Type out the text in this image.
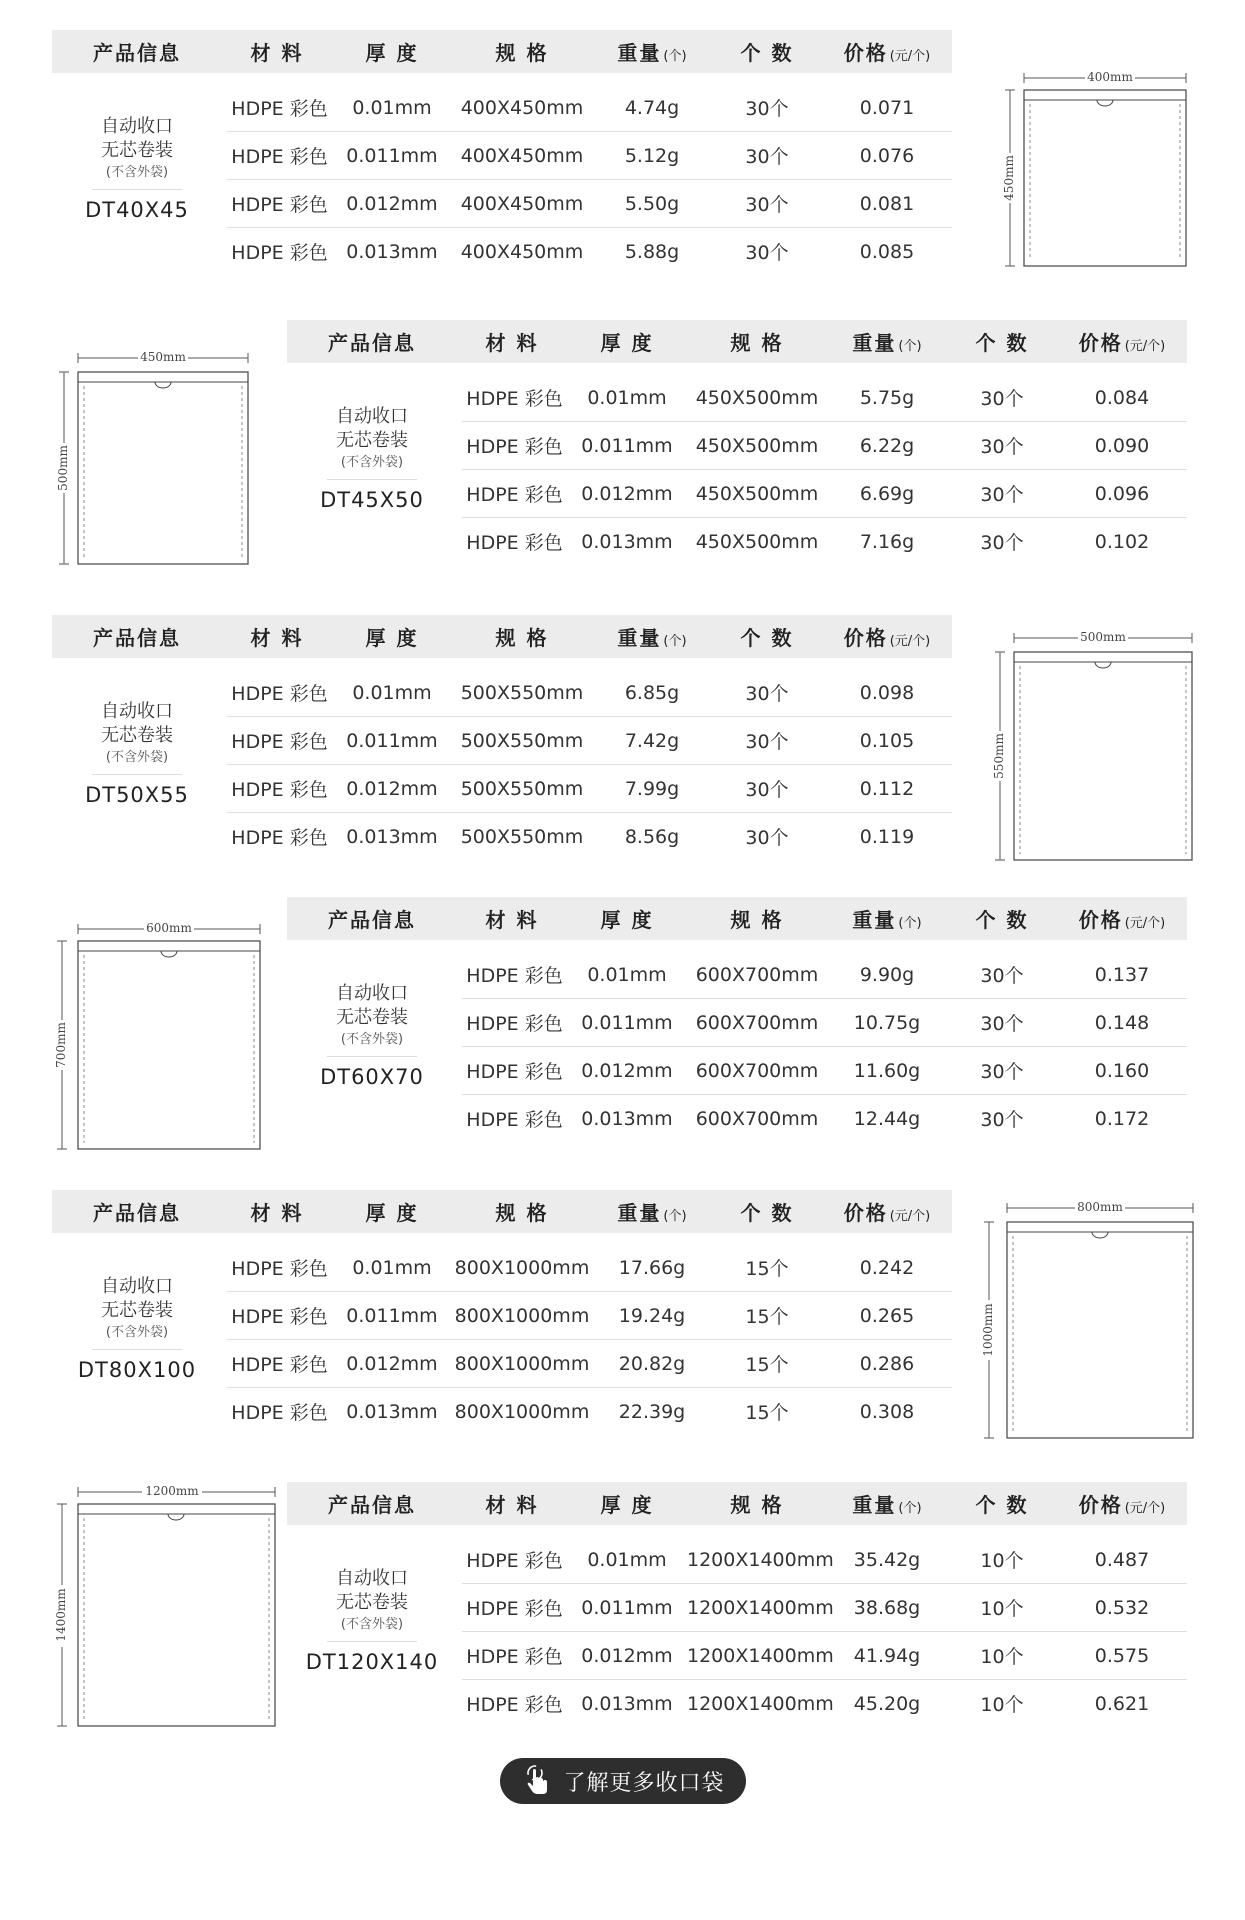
产品信息	材 料	厚 度	规 格	重量 (个)	个 数	价格 (元/个)
自动收口
无芯卷装
(不含外袋)
DT40X45
HDPE 彩色	0.01mm	400X450mm	4.74g	30个	0.071
HDPE 彩色 0.011mm	400X450mm	5.12g	30个	0.076
HDPE 彩色 0.012mm	400X450mm	5.50g	30个	0.081
HDPE 彩色 0.013mm	400X450mm	5.88g	30个	0.085
400mm
450mm
产品信息	材 料	厚 度	规 格	重量 (个)	个 数	价格 (元/个)
自动收口
无芯卷装
(不含外袋)
DT45X50
HDPE 彩色	0.01mm	450X500mm	5.75g	30个	0.084
HDPE 彩色 0.011mm	450X500mm	6.22g	30个	0.090
HDPE 彩色 0.012mm	450X500mm	6.69g	30个	0.096
HDPE 彩色 0.013mm	450X500mm	7.16g	30个	0.102
450mm
500mm
产品信息	材 料	厚 度	规 格	重量 (个)	个 数	价格 (元/个)
自动收口
无芯卷装
(不含外袋)
DT50X55
HDPE 彩色	0.01mm	500X550mm	6.85g	30个	0.098
HDPE 彩色 0.011mm	500X550mm	7.42g	30个	0.105
HDPE 彩色 0.012mm	500X550mm	7.99g	30个	0.112
HDPE 彩色 0.013mm	500X550mm	8.56g	30个	0.119
500mm
550mm
产品信息	材 料	厚 度	规 格	重量 (个)	个 数	价格 (元/个)
自动收口
无芯卷装
(不含外袋)
DT60X70
HDPE 彩色	0.01mm	600X700mm	9.90g	30个	0.137
HDPE 彩色 0.011mm	600X700mm	10.75g	30个	0.148
HDPE 彩色 0.012mm	600X700mm	11.60g	30个	0.160
HDPE 彩色 0.013mm	600X700mm	12.44g	30个	0.172
600mm
700mm
产品信息	材 料	厚 度	规 格	重量 (个)	个 数	价格 (元/个)
自动收口
无芯卷装
(不含外袋)
DT80X100
HDPE 彩色	0.01mm	800X1000mm	17.66g	15个	0.242
HDPE 彩色 0.011mm 800X1000mm	19.24g	15个	0.265
HDPE 彩色 0.012mm 800X1000mm	20.82g	15个	0.286
HDPE 彩色 0.013mm 800X1000mm	22.39g	15个	0.308
800mm
1000mm
产品信息	材 料	厚 度	规 格	重量 (个)	个 数	价格 (元/个)
自动收口
无芯卷装
(不含外袋)
DT120X140
HDPE 彩色	0.01mm	1200X1400mm	35.42g	10个	0.487
HDPE 彩色 0.011mm 1200X1400mm	38.68g	10个	0.532
HDPE 彩色 0.012mm 1200X1400mm	41.94g	10个	0.575
HDPE 彩色 0.013mm 1200X1400mm	45.20g	10个	0.621
1200mm
1400mm
了解更多收口袋
